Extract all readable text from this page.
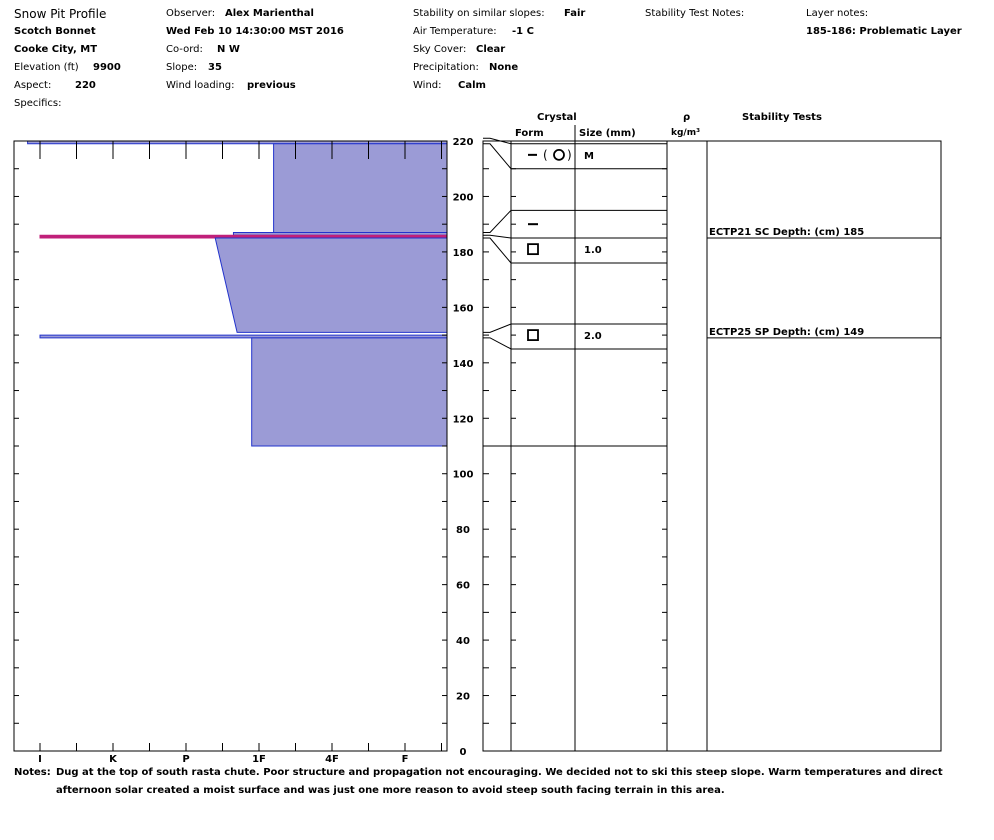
Snow Pit Profile
Scotch Bonnet
Cooke City, MT
Elevation (ft) 9900
Aspect: 220
Specifics:
Observer: Alex Marienthal
Wed Feb 10 14:30:00 MST 2016
Co-ord: N W
Slope: 35
Wind loading: previous
Stability on similar slopes: Fair
Air Temperature: -1 C
Sky Cover: Clear
Precipitation: None
Wind: Calm
Stability Test Notes:	Layer notes:
185-186: Problematic Layer
Crystal
Form	Size (mm)
ρ
kg/m³
Stability Tests
I	K	P	1F	4F	F
0
20
40
60
80
100
120
140
160
180
200
220
( ) M
1.0
2.0
ECTP21 SC Depth: (cm) 185
ECTP25 SP Depth: (cm) 149
Notes: Dug at the top of south rasta chute. Poor structure and propagation not encouraging. We decided not to ski this steep slope. Warm temperatures and direct afternoon solar created a moist surface and was just one more reason to avoid steep south facing terrain in this area.
